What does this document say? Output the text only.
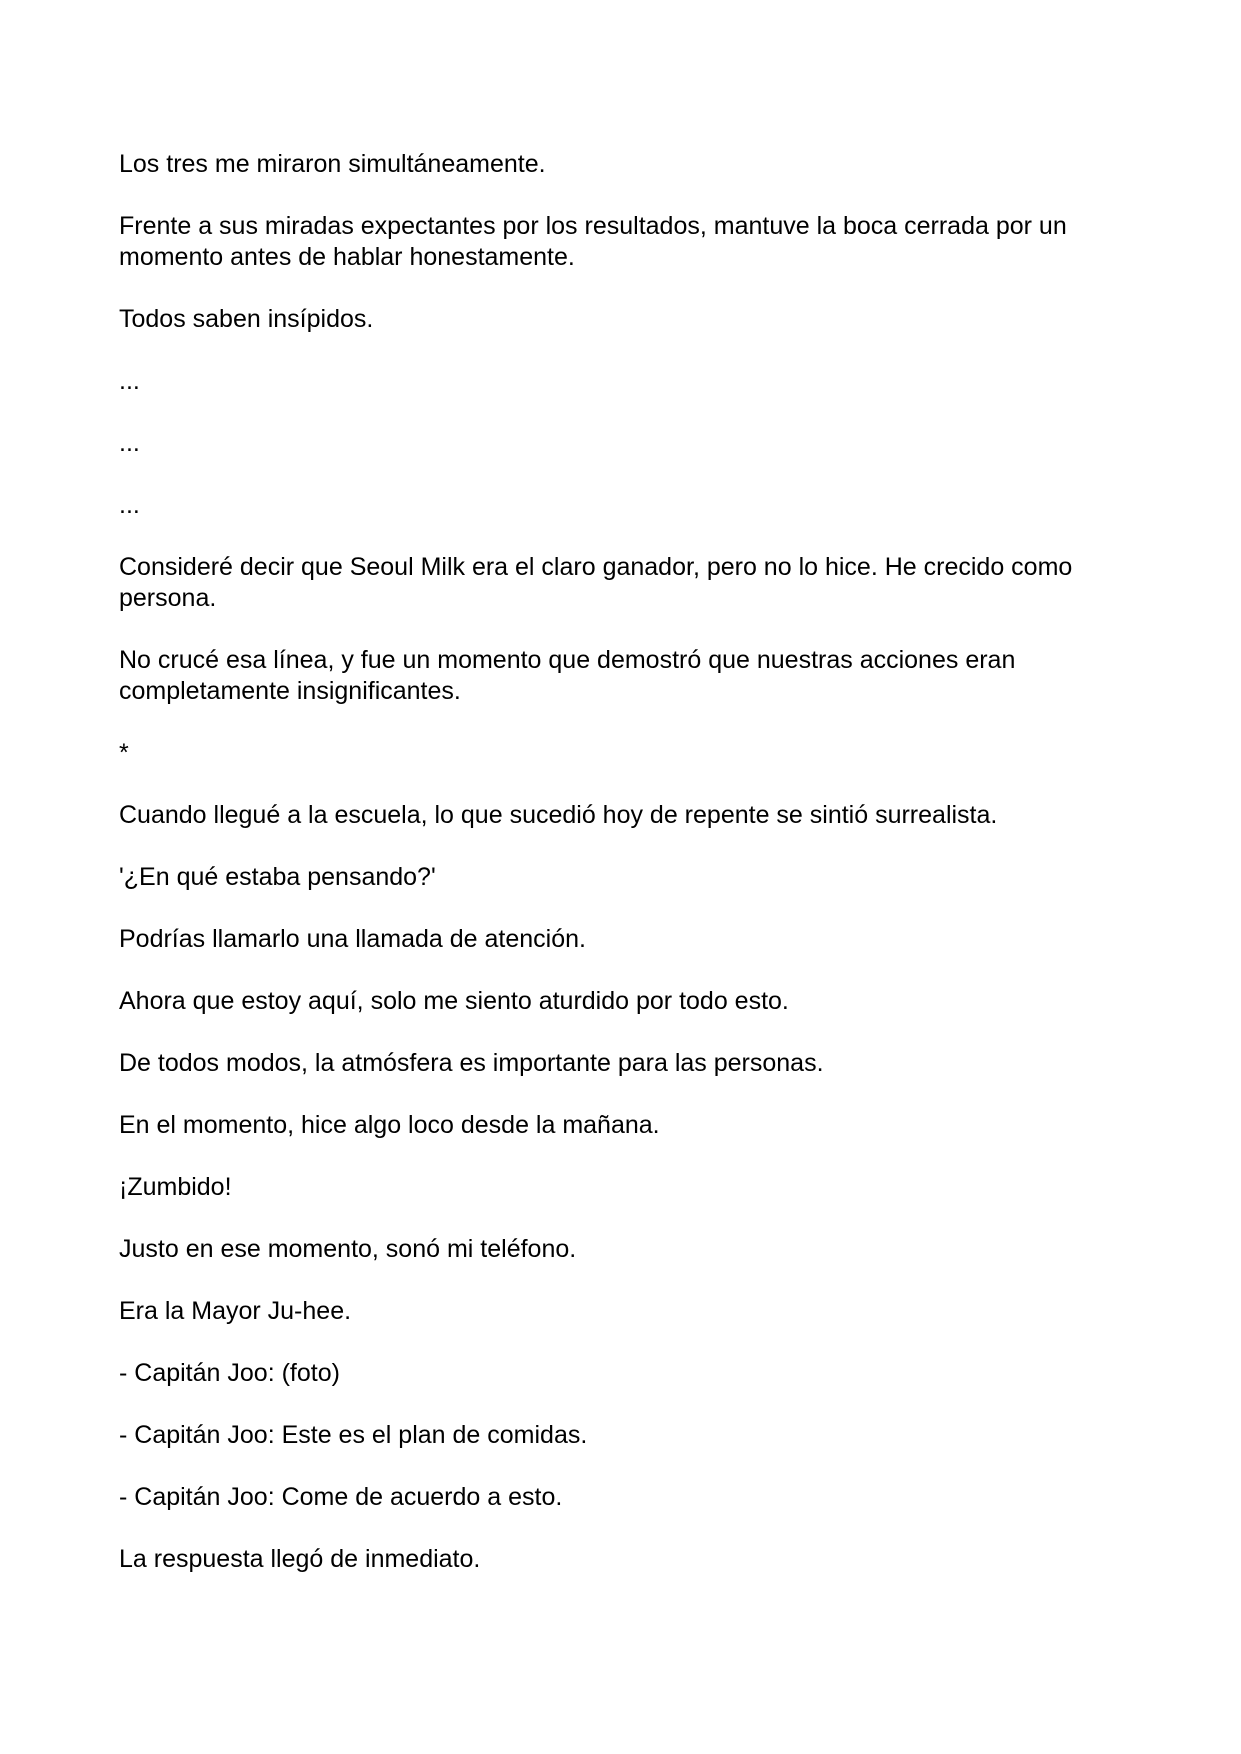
Los tres me miraron simultáneamente.

Frente a sus miradas expectantes por los resultados, mantuve la boca cerrada por un momento antes de hablar honestamente.

Todos saben insípidos.

...

...

...

Consideré decir que Seoul Milk era el claro ganador, pero no lo hice. He crecido como persona.

No crucé esa línea, y fue un momento que demostró que nuestras acciones eran completamente insignificantes.

*

Cuando llegué a la escuela, lo que sucedió hoy de repente se sintió surrealista.

'¿En qué estaba pensando?'

Podrías llamarlo una llamada de atención.

Ahora que estoy aquí, solo me siento aturdido por todo esto.

De todos modos, la atmósfera es importante para las personas.

En el momento, hice algo loco desde la mañana.

¡Zumbido!

Justo en ese momento, sonó mi teléfono.

Era la Mayor Ju-hee.

- Capitán Joo: (foto)

- Capitán Joo: Este es el plan de comidas.

- Capitán Joo: Come de acuerdo a esto.

La respuesta llegó de inmediato.
